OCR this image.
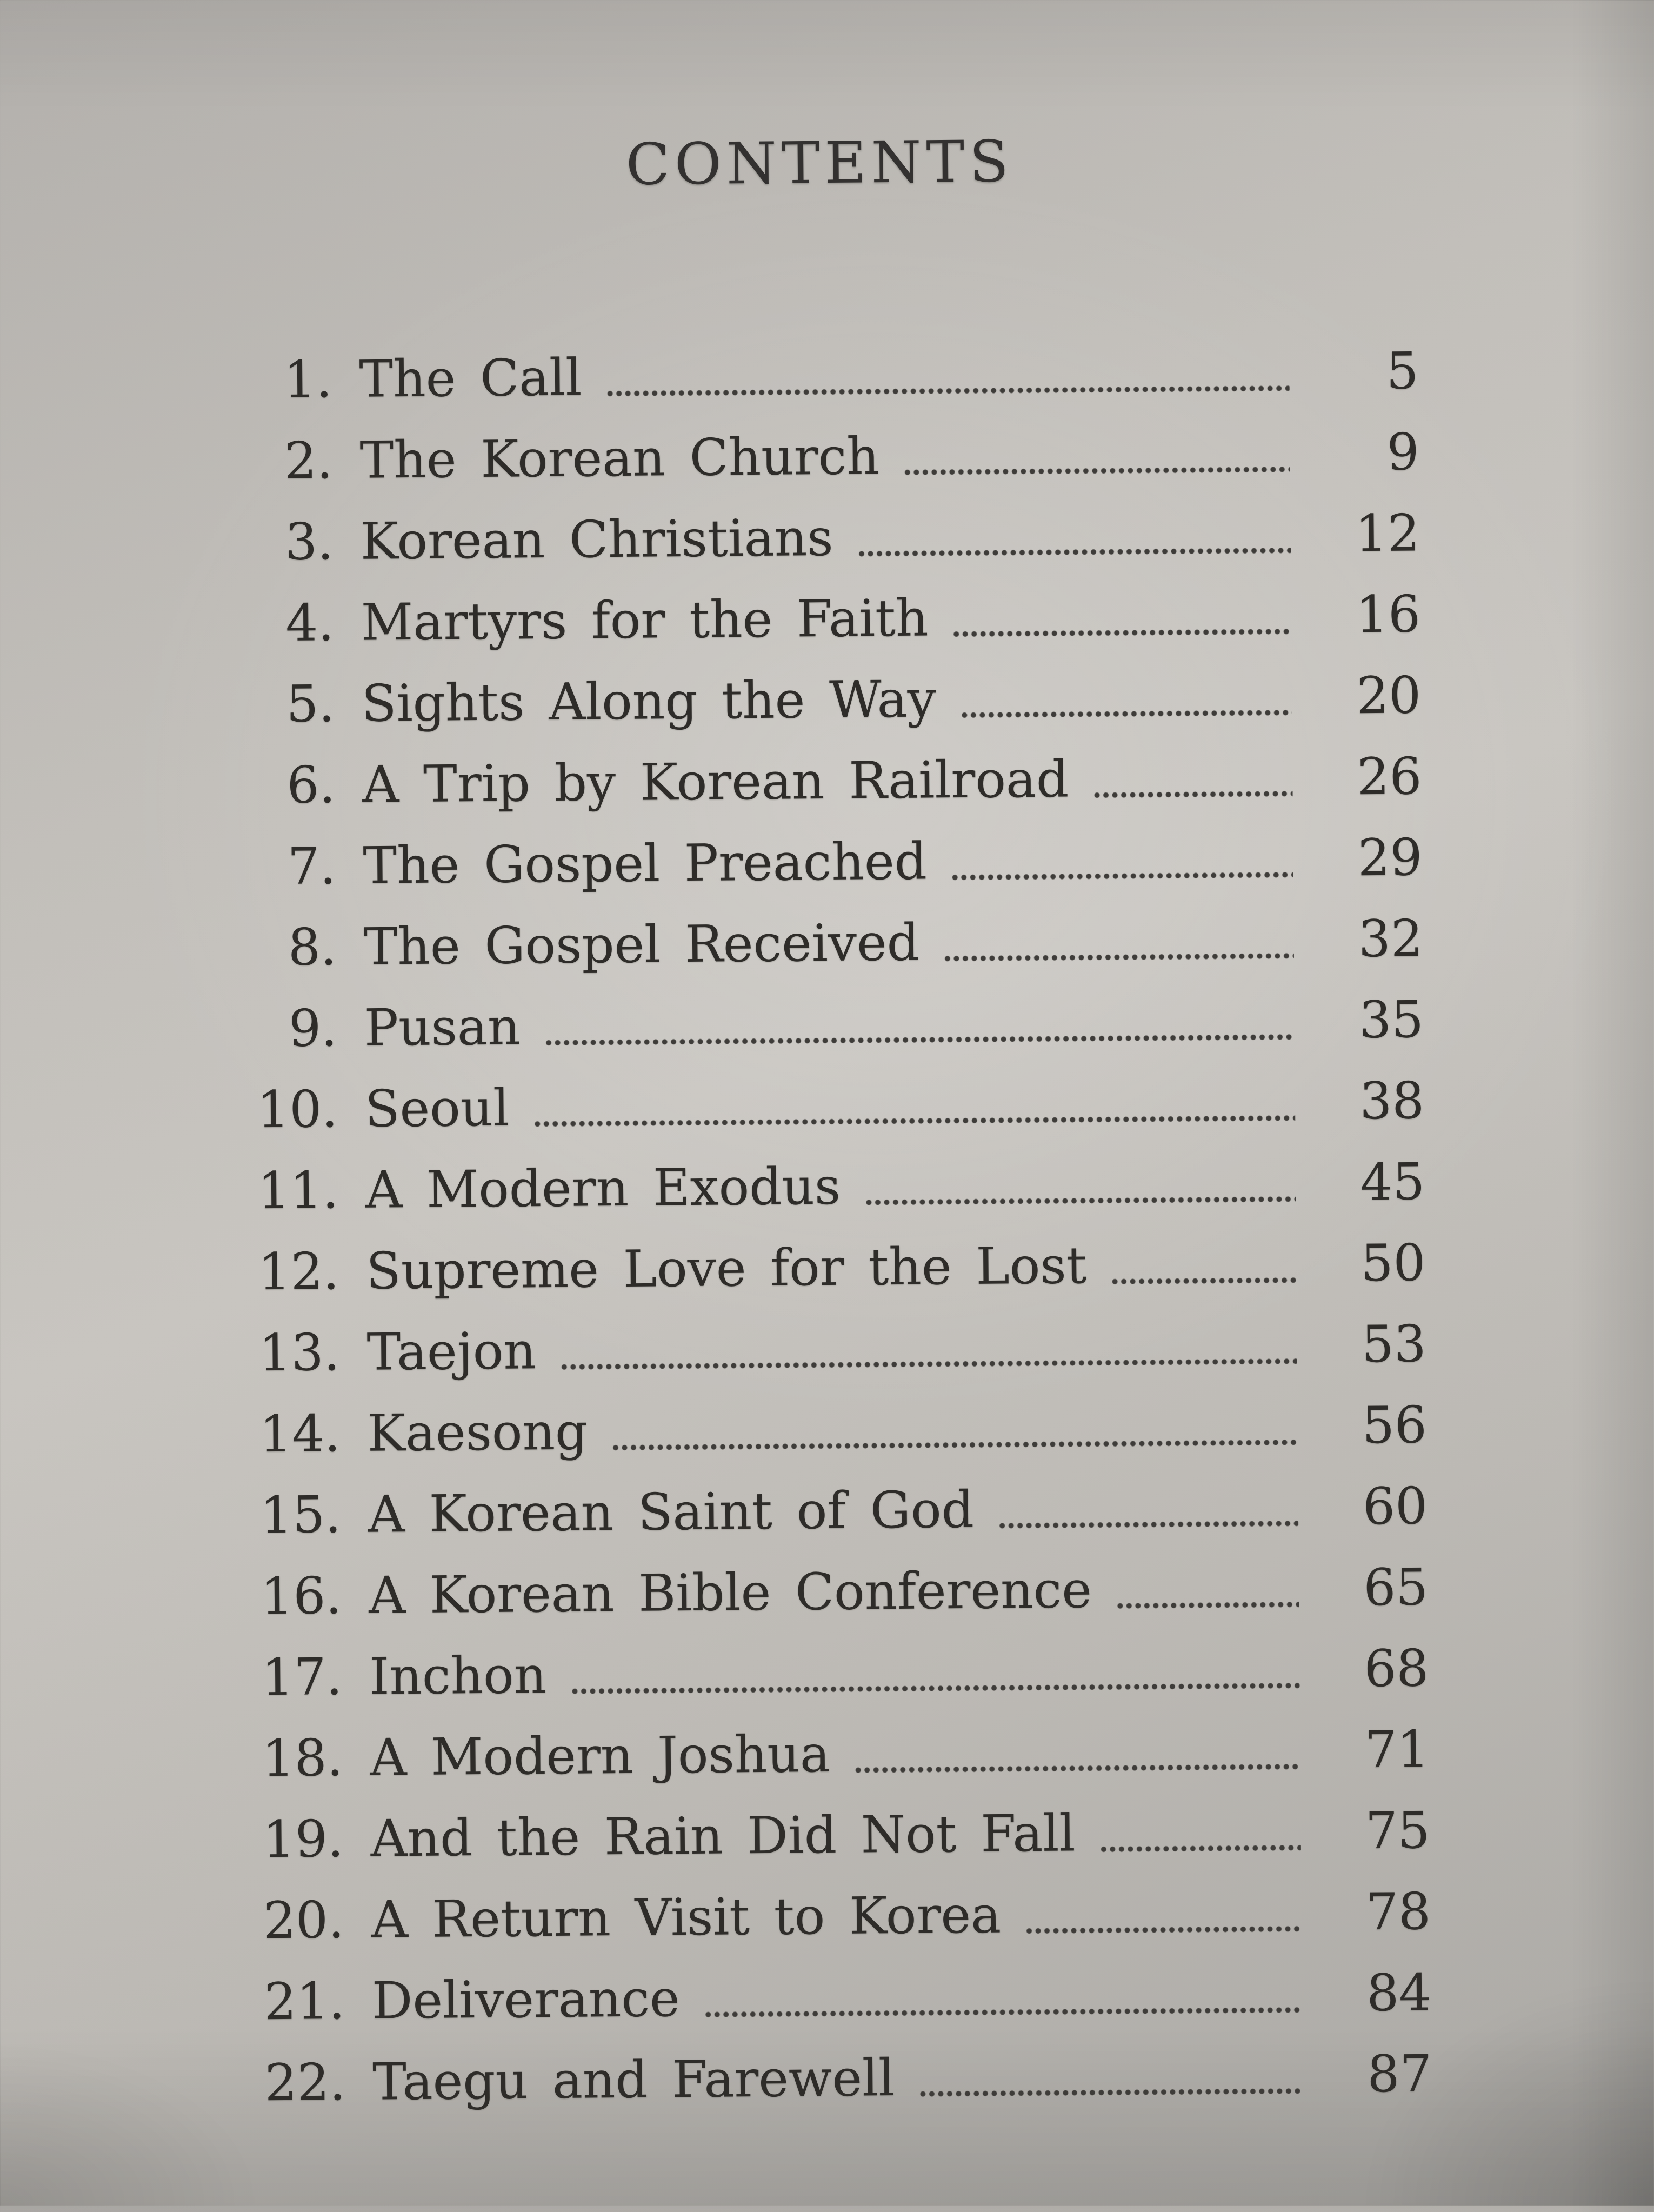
CONTENTS
1. The Call	5
2. The Korean Church	9
3. Korean Christians	12
4. Martyrs for the Faith	16
5. Sights Along the Way	20
6. A Trip by Korean Railroad	26
7. The Gospel Preached	29
8. The Gospel Received	32
9. Pusan	35
10. Seoul	38
11. A Modern Exodus	45
12. Supreme Love for the Lost	50
13. Taejon	53
14. Kaesong	56
15. A Korean Saint of God	60
16. A Korean Bible Conference	65
17. Inchon	68
18. A Modern Joshua	71
19. And the Rain Did Not Fall	75
20. A Return Visit to Korea	78
21. Deliverance	84
22. Taegu and Farewell	87
